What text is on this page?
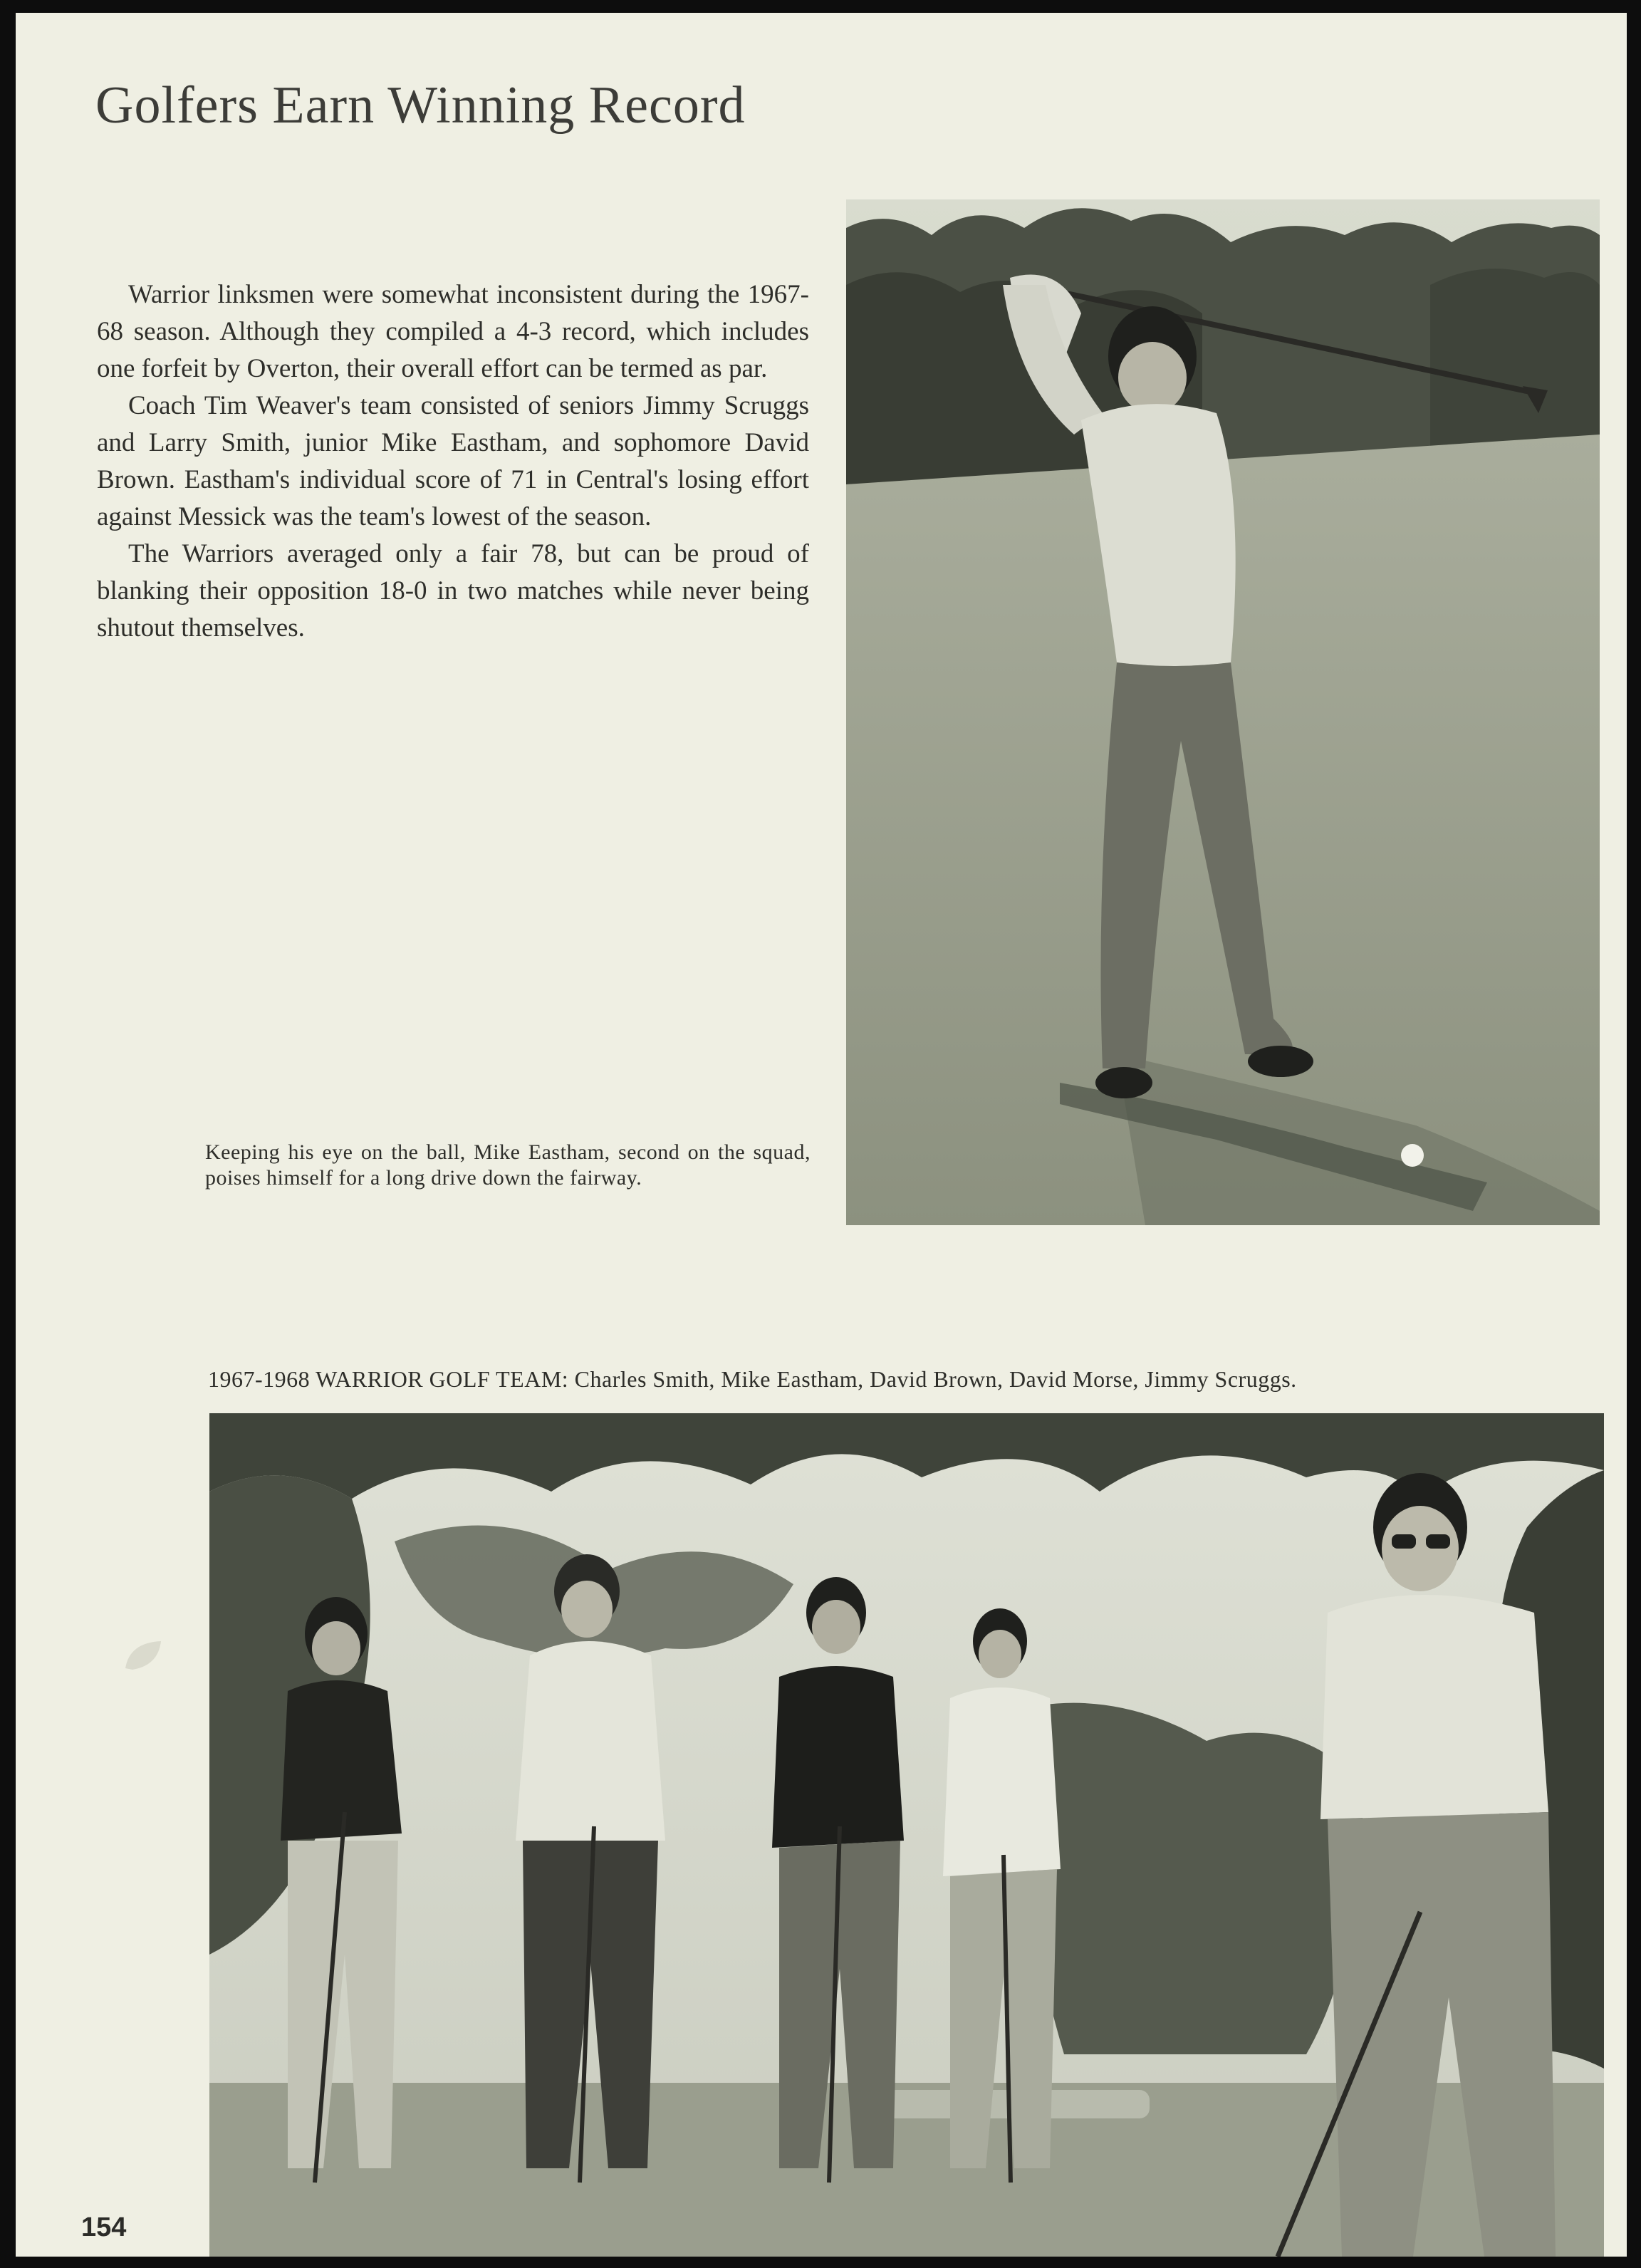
Golfers Earn Winning Record

Warrior linksmen were somewhat inconsistent during the 1967-68 season. Although they compiled a 4-3 record, which includes one forfeit by Overton, their overall effort can be termed as par.

Coach Tim Weaver's team consisted of seniors Jimmy Scruggs and Larry Smith, junior Mike Eastham, and sophomore David Brown. Eastham's individual score of 71 in Central's losing effort against Messick was the team's lowest of the season.

The Warriors averaged only a fair 78, but can be proud of blanking their opposition 18-0 in two matches while never being shutout themselves.

Keeping his eye on the ball, Mike Eastham, second on the squad, poises himself for a long drive down the fairway.
1967-1968 WARRIOR GOLF TEAM: Charles Smith, Mike Eastham, David Brown, David Morse, Jimmy Scruggs.
154
